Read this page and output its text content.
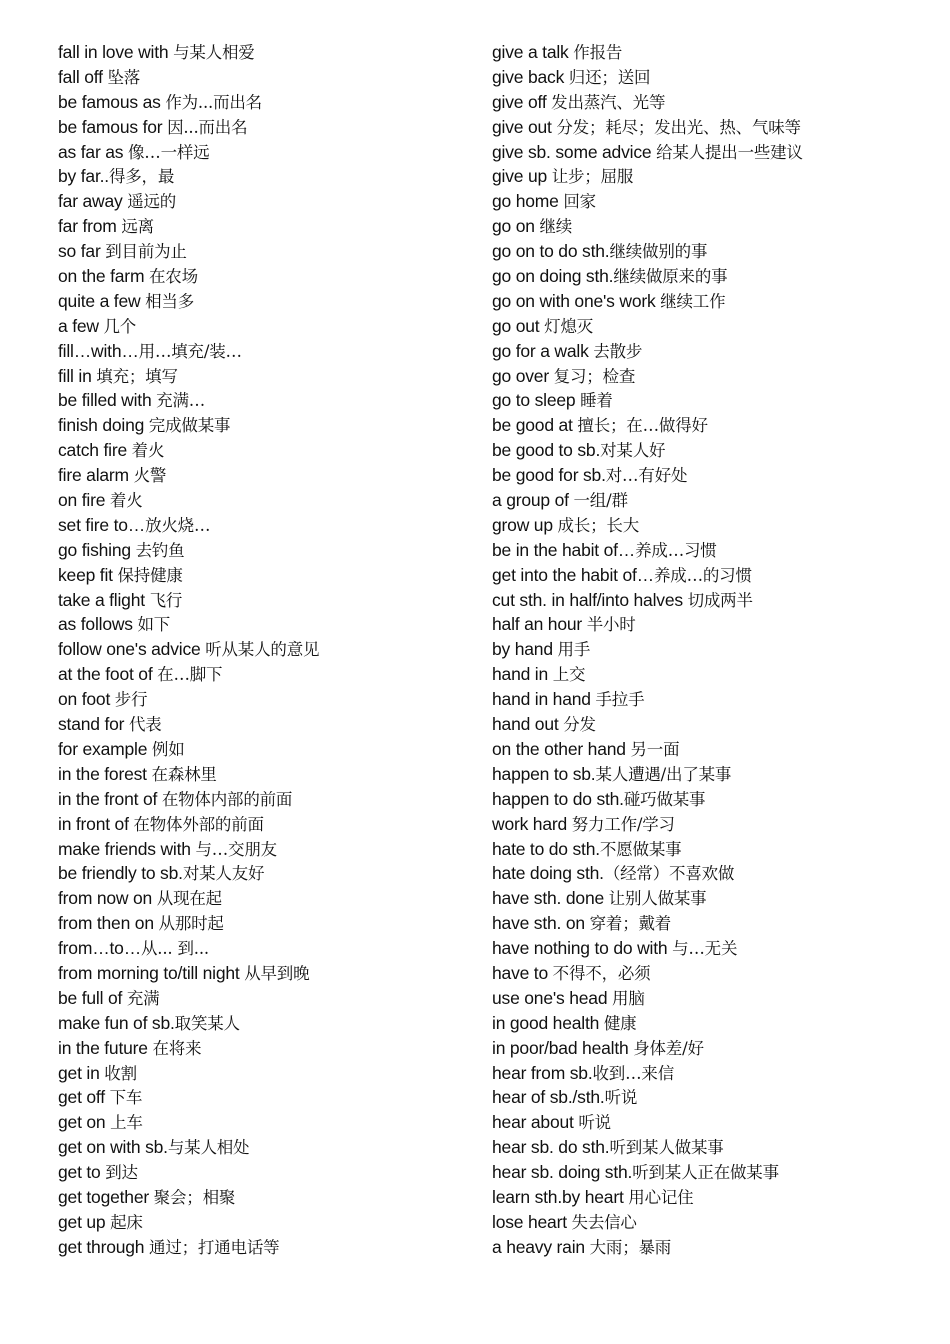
fall in love with 与某人相爱
fall off 坠落
be famous as 作为...而出名
be famous for 因...而出名
as far as 像…一样远
by far..得多，最
far away 遥远的
far from 远离
so far 到目前为止
on the farm 在农场
quite a few 相当多
a few 几个
fill…with…用…填充/装…
fill in 填充；填写
be filled with 充满…
finish doing 完成做某事
catch fire 着火
fire alarm 火警
on fire 着火
set fire to…放火烧…
go fishing 去钓鱼
keep fit 保持健康
take a flight 飞行
as follows 如下
follow one's advice 听从某人的意见
at the foot of 在…脚下
on foot 步行
stand for 代表
for example 例如
in the forest 在森林里
in the front of 在物体内部的前面
in front of 在物体外部的前面
make friends with 与…交朋友
be friendly to sb.对某人友好
from now on 从现在起
from then on 从那时起
from…to…从... 到...
from morning to/till night 从早到晚
be full of 充满
make fun of sb.取笑某人
in the future 在将来
get in 收割
get off 下车
get on 上车
get on with sb.与某人相处
get to 到达
get together 聚会；相聚
get up 起床
get through 通过；打通电话等
give a talk 作报告
give back 归还；送回
give off 发出蒸汽、光等
give out 分发；耗尽；发出光、热、气味等
give sb. some advice 给某人提出一些建议
give up 让步；屈服
go home 回家
go on 继续
go on to do sth.继续做别的事
go on doing sth.继续做原来的事
go on with one's work 继续工作
go out 灯熄灭
go for a walk 去散步
go over 复习；检查
go to sleep 睡着
be good at 擅长；在…做得好
be good to sb.对某人好
be good for sb.对…有好处
a group of 一组/群
grow up 成长；长大
be in the habit of…养成…习惯
get into the habit of…养成…的习惯
cut sth. in half/into halves 切成两半
half an hour 半小时
by hand 用手
hand in 上交
hand in hand 手拉手
hand out 分发
on the other hand 另一面
happen to sb.某人遭遇/出了某事
happen to do sth.碰巧做某事
work hard 努力工作/学习
hate to do sth.不愿做某事
hate doing sth.（经常）不喜欢做
have sth. done 让别人做某事
have sth. on 穿着；戴着
have nothing to do with 与…无关
have to 不得不，必须
use one's head 用脑
in good health 健康
in poor/bad health 身体差/好
hear from sb.收到…来信
hear of sb./sth.听说
hear about 听说
hear sb. do sth.听到某人做某事
hear sb. doing sth.听到某人正在做某事
learn sth.by heart 用心记住
lose heart 失去信心
a heavy rain 大雨；暴雨
